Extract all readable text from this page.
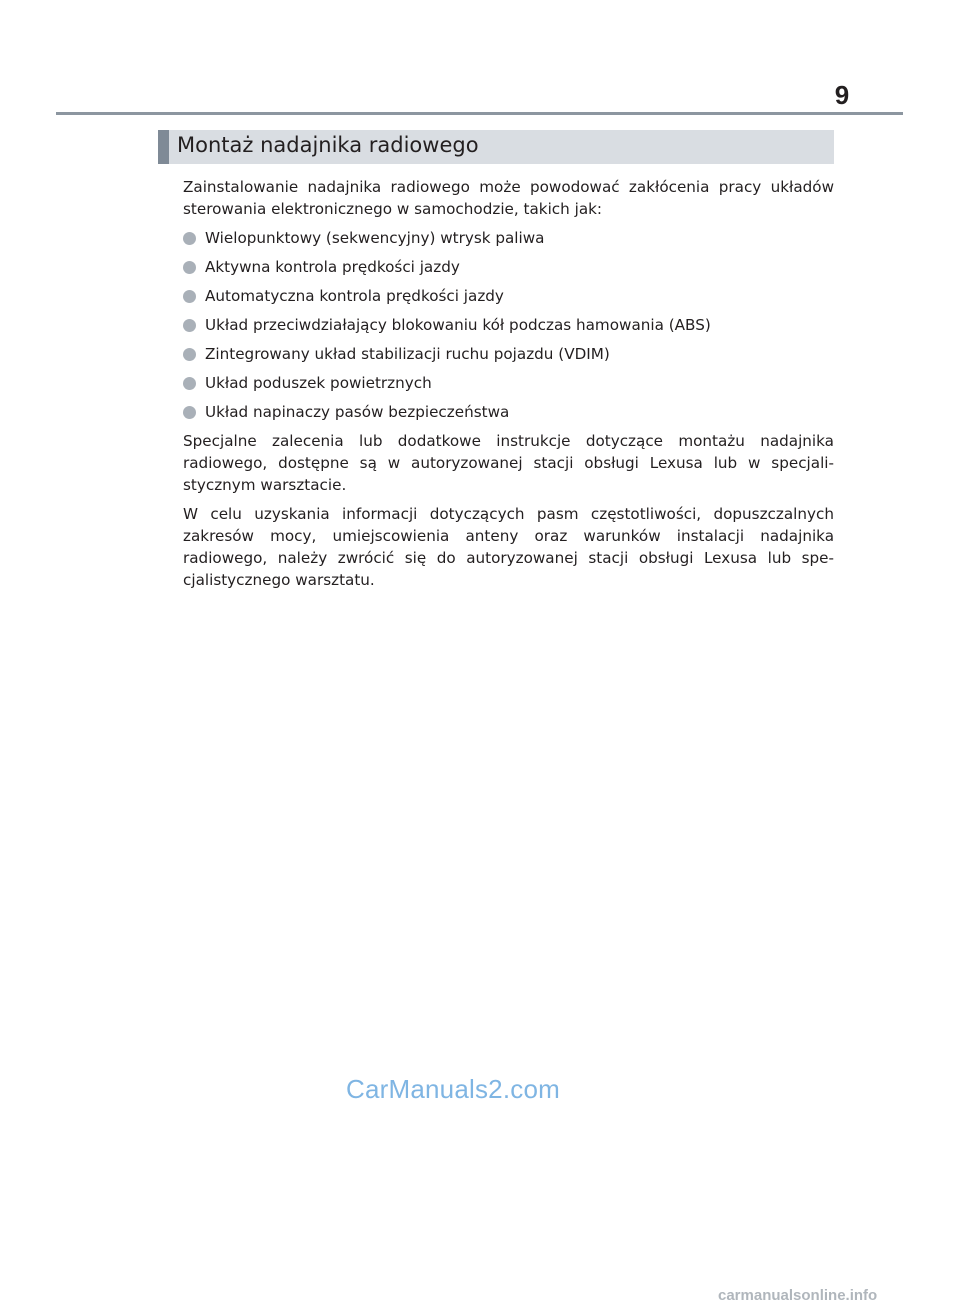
9
Montaż nadajnika radiowego

Zainstalowanie nadajnika radiowego może powodować zakłócenia pracy układów sterowania elektronicznego w samochodzie, takich jak:

Wielopunktowy (sekwencyjny) wtrysk paliwa
Aktywna kontrola prędkości jazdy
Automatyczna kontrola prędkości jazdy
Układ przeciwdziałający blokowaniu kół podczas hamowania (ABS)
Zintegrowany układ stabilizacji ruchu pojazdu (VDIM)
Układ poduszek powietrznych
Układ napinaczy pasów bezpieczeństwa

Specjalne zalecenia lub dodatkowe instrukcje dotyczące montażu nadajnika radiowego, dostępne są w autoryzowanej stacji obsługi Lexusa lub w specjali-stycznym warsztacie.

W celu uzyskania informacji dotyczących pasm częstotliwości, dopuszczalnych zakresów mocy, umiejscowienia anteny oraz warunków instalacji nadajnika radiowego, należy zwrócić się do autoryzowanej stacji obsługi Lexusa lub spe-cjalistycznego warsztatu.

CarManuals2.com
carmanualsonline.info
